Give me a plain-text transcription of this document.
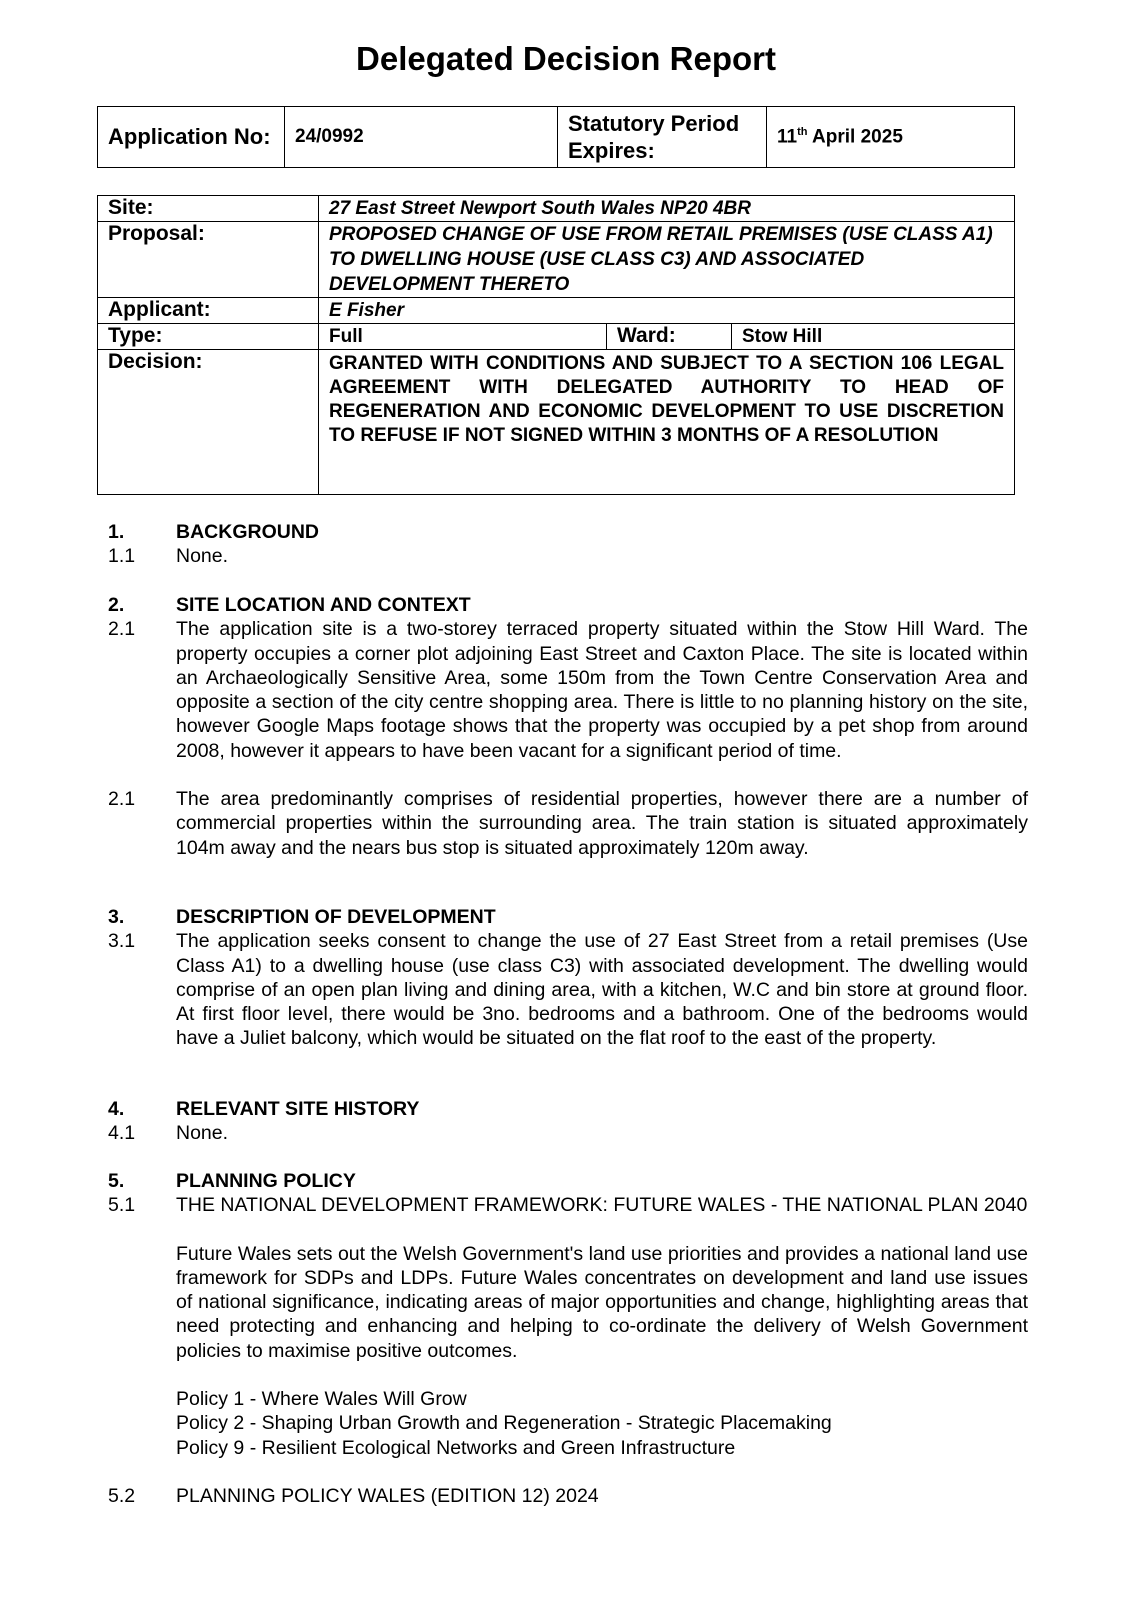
Delegated Decision Report
Application No:	24/0992	Statutory Period Expires:	11th April 2025
Site:	27 East Street Newport South Wales NP20 4BR		
Proposal:	PROPOSED CHANGE OF USE FROM RETAIL PREMISES (USE CLASS A1) TO DWELLING HOUSE (USE CLASS C3) AND ASSOCIATED DEVELOPMENT THERETO		
Applicant:	E Fisher		
Type:	Full	Ward:	Stow Hill
Decision:	GRANTED WITH CONDITIONS AND SUBJECT TO A SECTION 106 LEGAL AGREEMENT WITH DELEGATED AUTHORITY TO HEAD OF REGENERATION AND ECONOMIC DEVELOPMENT TO USE DISCRETION TO REFUSE IF NOT SIGNED WITHIN 3 MONTHS OF A RESOLUTION		
1.	BACKGROUND
1.1	None.
2.	SITE LOCATION AND CONTEXT
2.1	The application site is a two-storey terraced property situated within the Stow Hill Ward. The property occupies a corner plot adjoining East Street and Caxton Place. The site is located within an Archaeologically Sensitive Area, some 150m from the Town Centre Conservation Area and opposite a section of the city centre shopping area. There is little to no planning history on the site, however Google Maps footage shows that the property was occupied by a pet shop from around 2008, however it appears to have been vacant for a significant period of time.
2.1	The area predominantly comprises of residential properties, however there are a number of commercial properties within the surrounding area. The train station is situated approximately 104m away and the nears bus stop is situated approximately 120m away.
3.	DESCRIPTION OF DEVELOPMENT
3.1	The application seeks consent to change the use of 27 East Street from a retail premises (Use Class A1) to a dwelling house (use class C3) with associated development. The dwelling would comprise of an open plan living and dining area, with a kitchen, W.C and bin store at ground floor. At first floor level, there would be 3no. bedrooms and a bathroom. One of the bedrooms would have a Juliet balcony, which would be situated on the flat roof to the east of the property.
4.	RELEVANT SITE HISTORY
4.1	None.
5.	PLANNING POLICY
5.1	THE NATIONAL DEVELOPMENT FRAMEWORK: FUTURE WALES - THE NATIONAL PLAN 2040
Future Wales sets out the Welsh Government's land use priorities and provides a national land use framework for SDPs and LDPs. Future Wales concentrates on development and land use issues of national significance, indicating areas of major opportunities and change, highlighting areas that need protecting and enhancing and helping to co-ordinate the delivery of Welsh Government policies to maximise positive outcomes.
Policy 1 - Where Wales Will Grow
Policy 2 - Shaping Urban Growth and Regeneration - Strategic Placemaking
Policy 9 - Resilient Ecological Networks and Green Infrastructure
5.2	PLANNING POLICY WALES (EDITION 12) 2024
